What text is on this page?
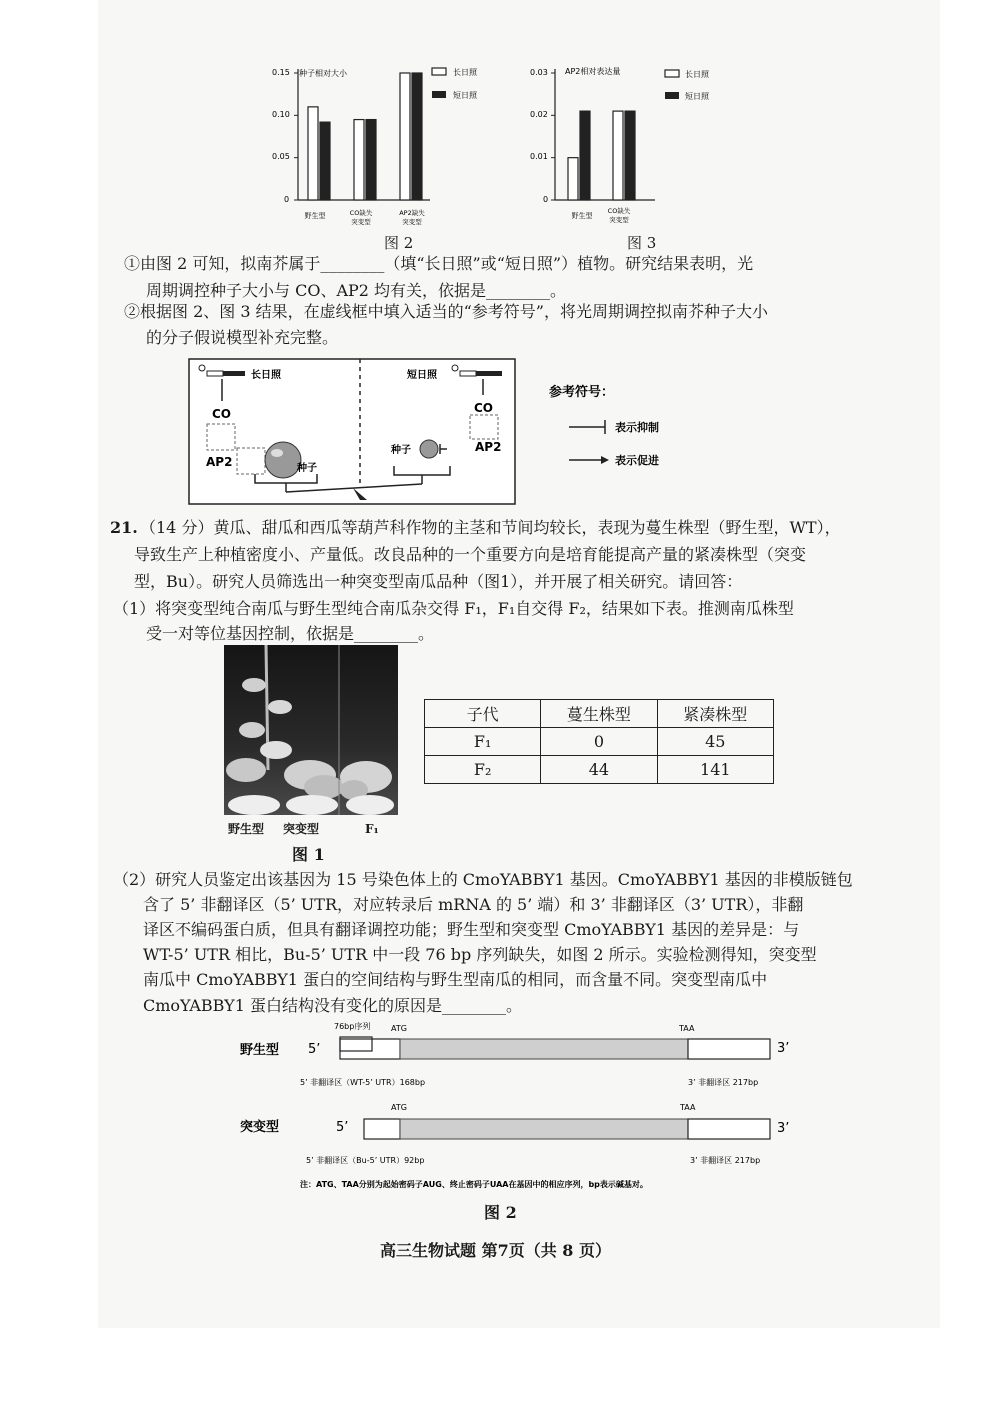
种子相对大小	长日照
短日照
0.15
0.10
0.05
0
野生型	CO缺失突变型
AP2缺失突变型
图 2
AP2相对表达量	长日照
短日照
0.03
0.02
0.01
0
野生型
CO缺失突变型
图 3
①由图 2 可知，拟南芥属于________（填“长日照”或“短日照”）植物。研究结果表明，光
周期调控种子大小与 CO、AP2 均有关，依据是________。
②根据图 2、图 3 结果，在虚线框中填入适当的“参考符号”，将光周期调控拟南芥种子大小
的分子假说模型补充完整。
长日照
CO
AP2	种子
短日照
CO
种子	AP2
参考符号：
表示抑制
表示促进
21. （14 分）黄瓜、甜瓜和西瓜等葫芦科作物的主茎和节间均较长，表现为蔓生株型（野生型，WT），
导致生产上种植密度小、产量低。改良品种的一个重要方向是培育能提高产量的紧凑株型（突变
型，Bu）。研究人员筛选出一种突变型南瓜品种（图1），并开展了相关研究。请回答：
（1）将突变型纯合南瓜与野生型纯合南瓜杂交得 F₁，F₁自交得 F₂，结果如下表。推测南瓜株型
受一对等位基因控制，依据是________。
野生型 突变型	F₁
图 1
子代	蔓生株型	紧凑株型
F₁	0	45
F₂	44	141
（2）研究人员鉴定出该基因为 15 号染色体上的 CmoYABBY1 基因。CmoYABBY1 基因的非模版链包
含了 5’ 非翻译区（5’ UTR，对应转录后 mRNA 的 5’ 端）和 3’ 非翻译区（3’ UTR），非翻
译区不编码蛋白质，但具有翻译调控功能；野生型和突变型 CmoYABBY1 基因的差异是：与
WT-5’ UTR 相比，Bu-5’ UTR 中一段 76 bp 序列缺失，如图 2 所示。实验检测得知，突变型
南瓜中 CmoYABBY1 蛋白的空间结构与野生型南瓜的相同，而含量不同。突变型南瓜中
CmoYABBY1 蛋白结构没有变化的原因是________。
野生型 5’
76bp序列	ATG	TAA
3’
5’ 非翻译区（WT-5’ UTR）168bp	3’ 非翻译区 217bp
突变型	5’
ATG	TAA
3’
5’ 非翻译区（Bu-5’ UTR）92bp	3’ 非翻译区 217bp
注：ATG、TAA分别为起始密码子AUG、终止密码子UAA在基因中的相应序列，bp表示碱基对。
图 2
高三生物试题 第7页（共 8 页）
